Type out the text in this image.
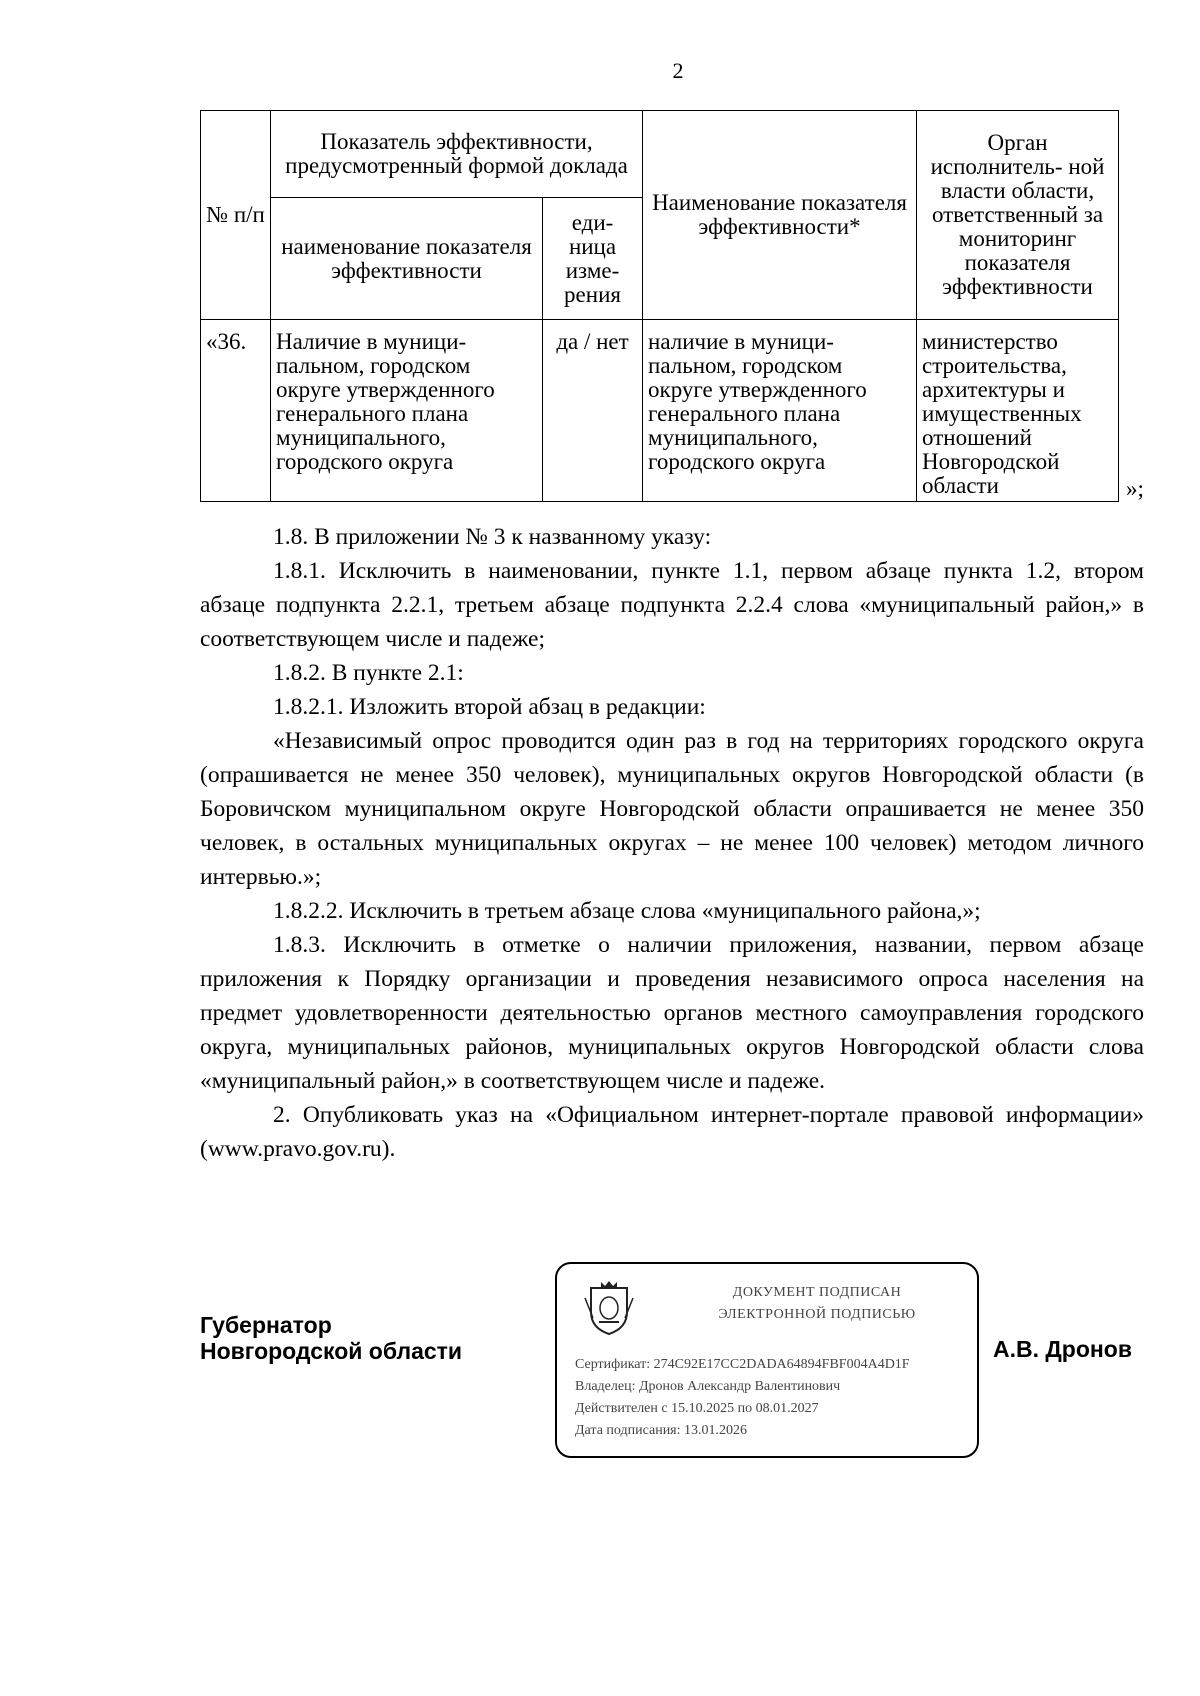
2
№ п/п	Показатель эффективности, предусмотренный формой доклада		Наименование показателя эффективности*	Орган исполнитель- ной власти области, ответственный за мониторинг показателя эффективности
	наименование показателя эффективности	еди- ница изме- рения		
«36.	Наличие в муници- пальном, городском округе утвержденного генерального плана муниципального, городского округа	да / нет	наличие в муници- пальном, городском округе утвержденного генерального плана муниципального, городского округа	министерство строительства, архитектуры и имущественных отношений Новгородской области	»;

1.8. В приложении № 3 к названному указу:

1.8.1. Исключить в наименовании, пункте 1.1, первом абзаце пункта 1.2, втором абзаце подпункта 2.2.1, третьем абзаце подпункта 2.2.4 слова «муниципальный район,» в соответствующем числе и падеже;

1.8.2. В пункте 2.1:

1.8.2.1. Изложить второй абзац в редакции:

«Независимый опрос проводится один раз в год на территориях городского округа (опрашивается не менее 350 человек), муниципальных округов Новгородской области (в Боровичском муниципальном округе Новгородской области опрашивается не менее 350 человек, в остальных муниципальных округах – не менее 100 человек) методом личного интервью.»;

1.8.2.2. Исключить в третьем абзаце слова «муниципального района,»;

1.8.3. Исключить в отметке о наличии приложения, названии, первом абзаце приложения к Порядку организации и проведения независимого опроса населения на предмет удовлетворенности деятельностью органов местного самоуправления городского округа, муниципальных районов, муниципальных округов Новгородской области слова «муниципальный район,» в соответствующем числе и падеже.

2. Опубликовать указ на «Официальном интернет-портале правовой информации» (www.pravo.gov.ru).

Губернатор
Новгородской области
ДОКУМЕНТ ПОДПИСАН
ЭЛЕКТРОННОЙ ПОДПИСЬЮ
Сертификат: 274C92E17CC2DADA64894FBF004A4D1F
Владелец: Дронов Александр Валентинович
Действителен с 15.10.2025 по 08.01.2027
Дата подписания: 13.01.2026
А.В. Дронов
